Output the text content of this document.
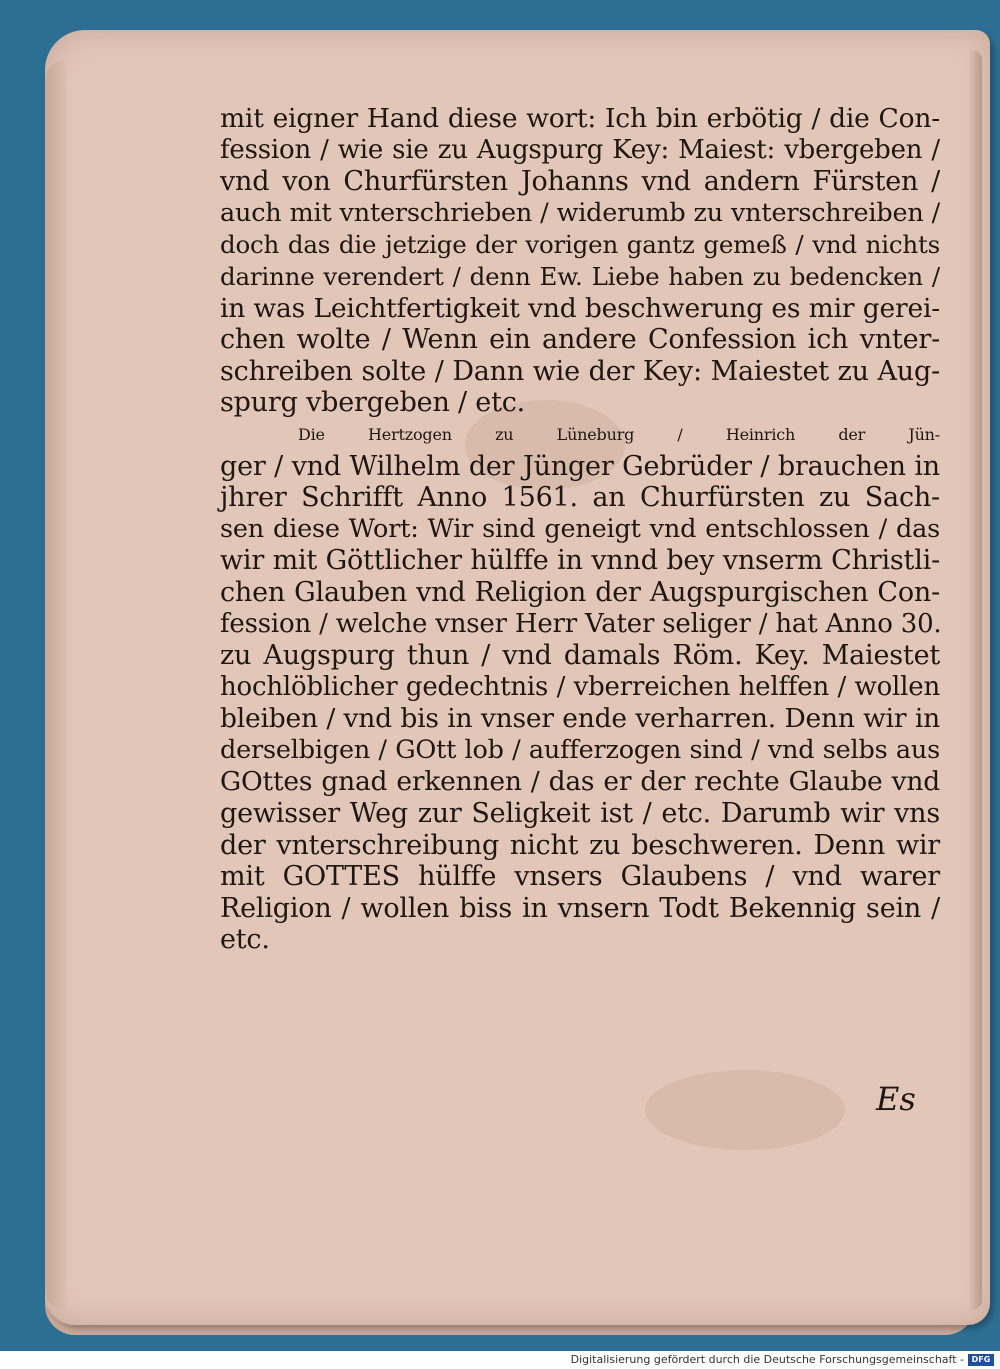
mit eigner Hand diese wort: Ich bin erbötig / die Con-
fession / wie sie zu Augspurg Key: Maiest: vbergeben /
vnd von Churfürsten Johanns vnd andern Fürsten /
auch mit vnterschrieben / widerumb zu vnterschreiben /
doch das die jetzige der vorigen gantz gemeß / vnd nichts
darinne verendert / denn Ew. Liebe haben zu bedencken /
in was Leichtfertigkeit vnd beschwerung es mir gerei-
chen wolte / Wenn ein andere Confession ich vnter-
schreiben solte / Dann wie der Key: Maiestet zu Aug-
spurg vbergeben / etc.
Die Hertzogen zu Lüneburg / Heinrich der Jün-
ger / vnd Wilhelm der Jünger Gebrüder / brauchen in
jhrer Schrifft Anno 1561. an Churfürsten zu Sach-
sen diese Wort: Wir sind geneigt vnd entschlossen / das
wir mit Göttlicher hülffe in vnnd bey vnserm Christli-
chen Glauben vnd Religion der Augspurgischen Con-
fession / welche vnser Herr Vater seliger / hat Anno 30.
zu Augspurg thun / vnd damals Röm. Key. Maiestet
hochlöblicher gedechtnis / vberreichen helffen / wollen
bleiben / vnd bis in vnser ende verharren. Denn wir in
derselbigen / GOtt lob / aufferzogen sind / vnd selbs aus
GOttes gnad erkennen / das er der rechte Glaube vnd
gewisser Weg zur Seligkeit ist / etc. Darumb wir vns
der vnterschreibung nicht zu beschweren. Denn wir
mit GOTTES hülffe vnsers Glaubens / vnd warer
Religion / wollen biss in vnsern Todt Bekennig sein /
etc.
Es
Digitalisierung gefördert durch die Deutsche Forschungsgemeinschaft - DFG
